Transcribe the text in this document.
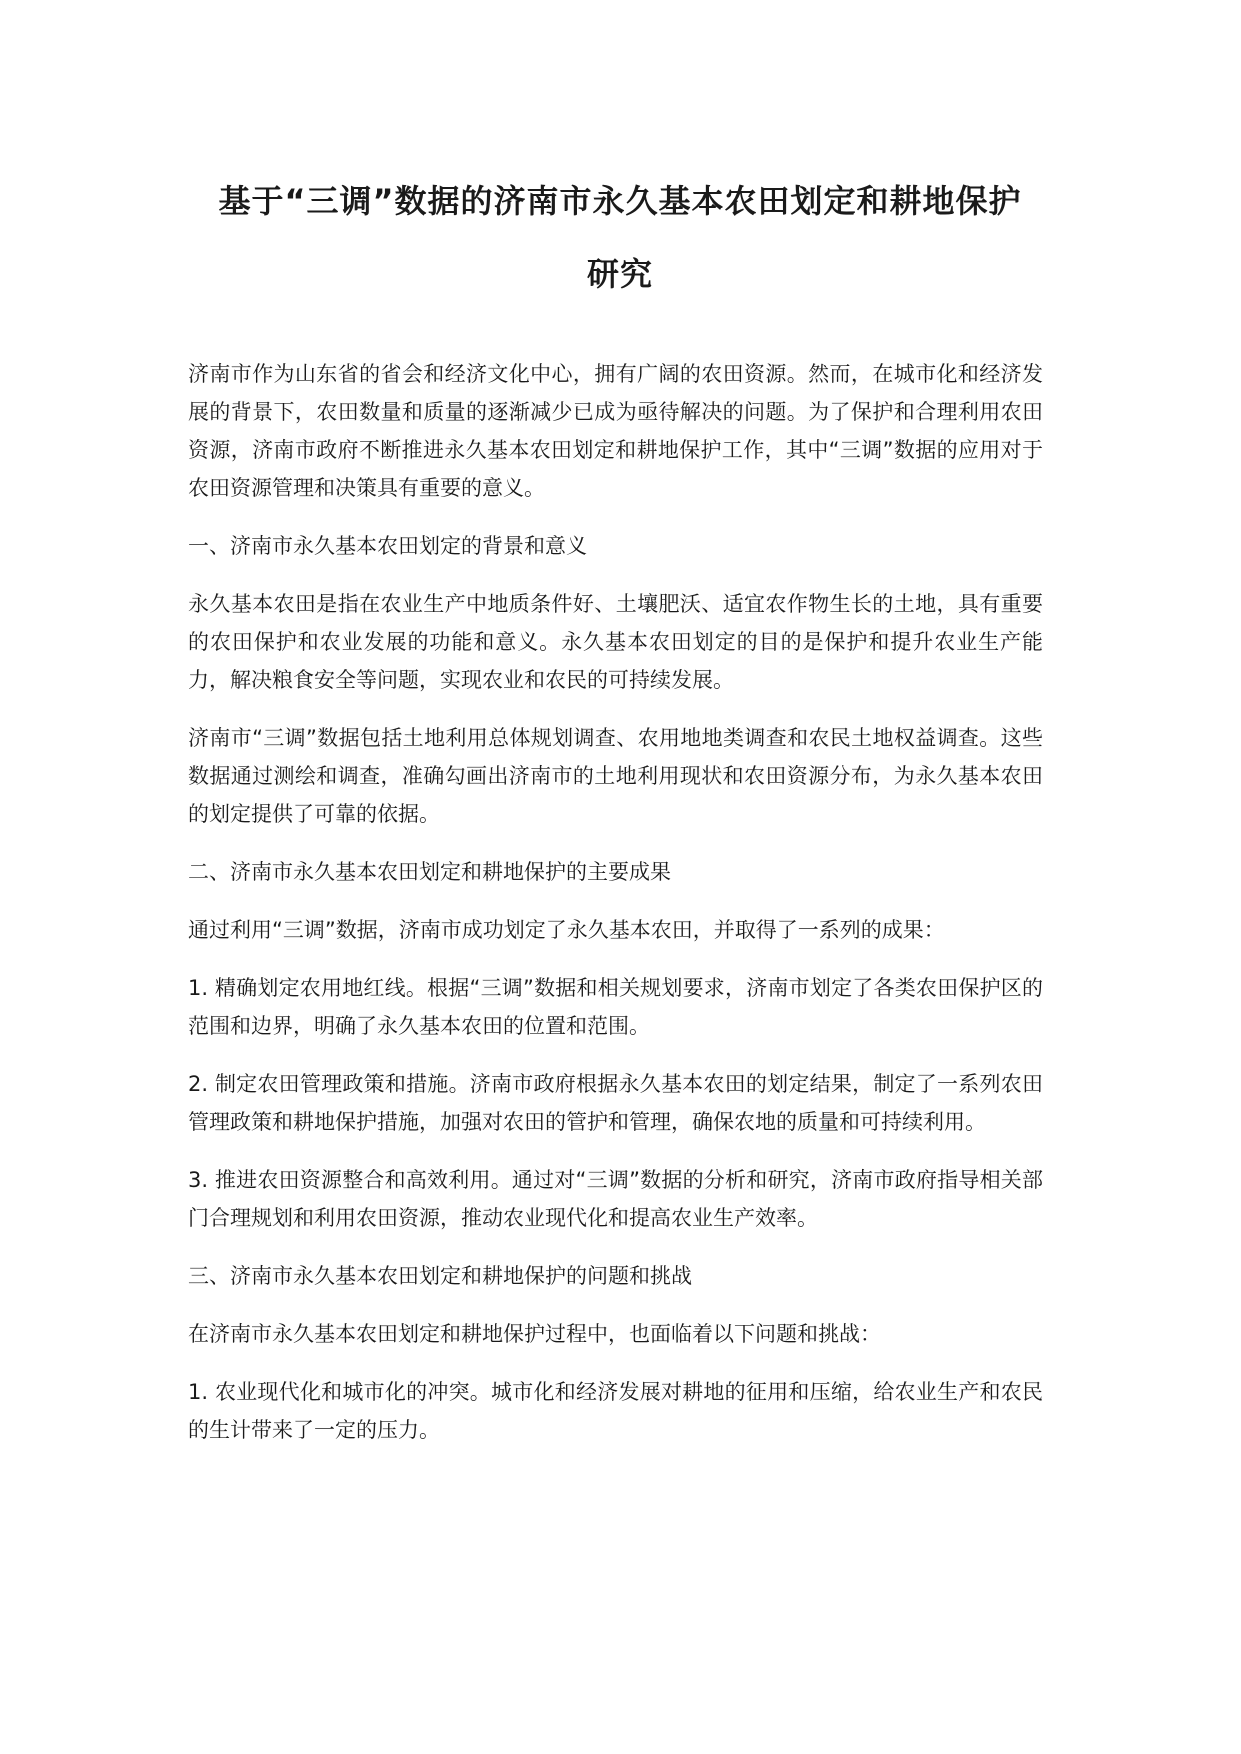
基于“三调”数据的济南市永久基本农田划定和耕地保护
研究

济南市作为山东省的省会和经济文化中心，拥有广阔的农田资源。然而，在城市化和经济发展的背景下，农田数量和质量的逐渐减少已成为亟待解决的问题。为了保护和合理利用农田资源，济南市政府不断推进永久基本农田划定和耕地保护工作，其中“三调”数据的应用对于农田资源管理和决策具有重要的意义。

一、济南市永久基本农田划定的背景和意义

永久基本农田是指在农业生产中地质条件好、土壤肥沃、适宜农作物生长的土地，具有重要的农田保护和农业发展的功能和意义。永久基本农田划定的目的是保护和提升农业生产能力，解决粮食安全等问题，实现农业和农民的可持续发展。

济南市“三调”数据包括土地利用总体规划调查、农用地地类调查和农民土地权益调查。这些数据通过测绘和调查，准确勾画出济南市的土地利用现状和农田资源分布，为永久基本农田的划定提供了可靠的依据。

二、济南市永久基本农田划定和耕地保护的主要成果

通过利用“三调”数据，济南市成功划定了永久基本农田，并取得了一系列的成果：

1. 精确划定农用地红线。根据“三调”数据和相关规划要求，济南市划定了各类农田保护区的范围和边界，明确了永久基本农田的位置和范围。

2. 制定农田管理政策和措施。济南市政府根据永久基本农田的划定结果，制定了一系列农田管理政策和耕地保护措施，加强对农田的管护和管理，确保农地的质量和可持续利用。

3. 推进农田资源整合和高效利用。通过对“三调”数据的分析和研究，济南市政府指导相关部门合理规划和利用农田资源，推动农业现代化和提高农业生产效率。

三、济南市永久基本农田划定和耕地保护的问题和挑战

在济南市永久基本农田划定和耕地保护过程中，也面临着以下问题和挑战：

1. 农业现代化和城市化的冲突。城市化和经济发展对耕地的征用和压缩，给农业生产和农民的生计带来了一定的压力。
